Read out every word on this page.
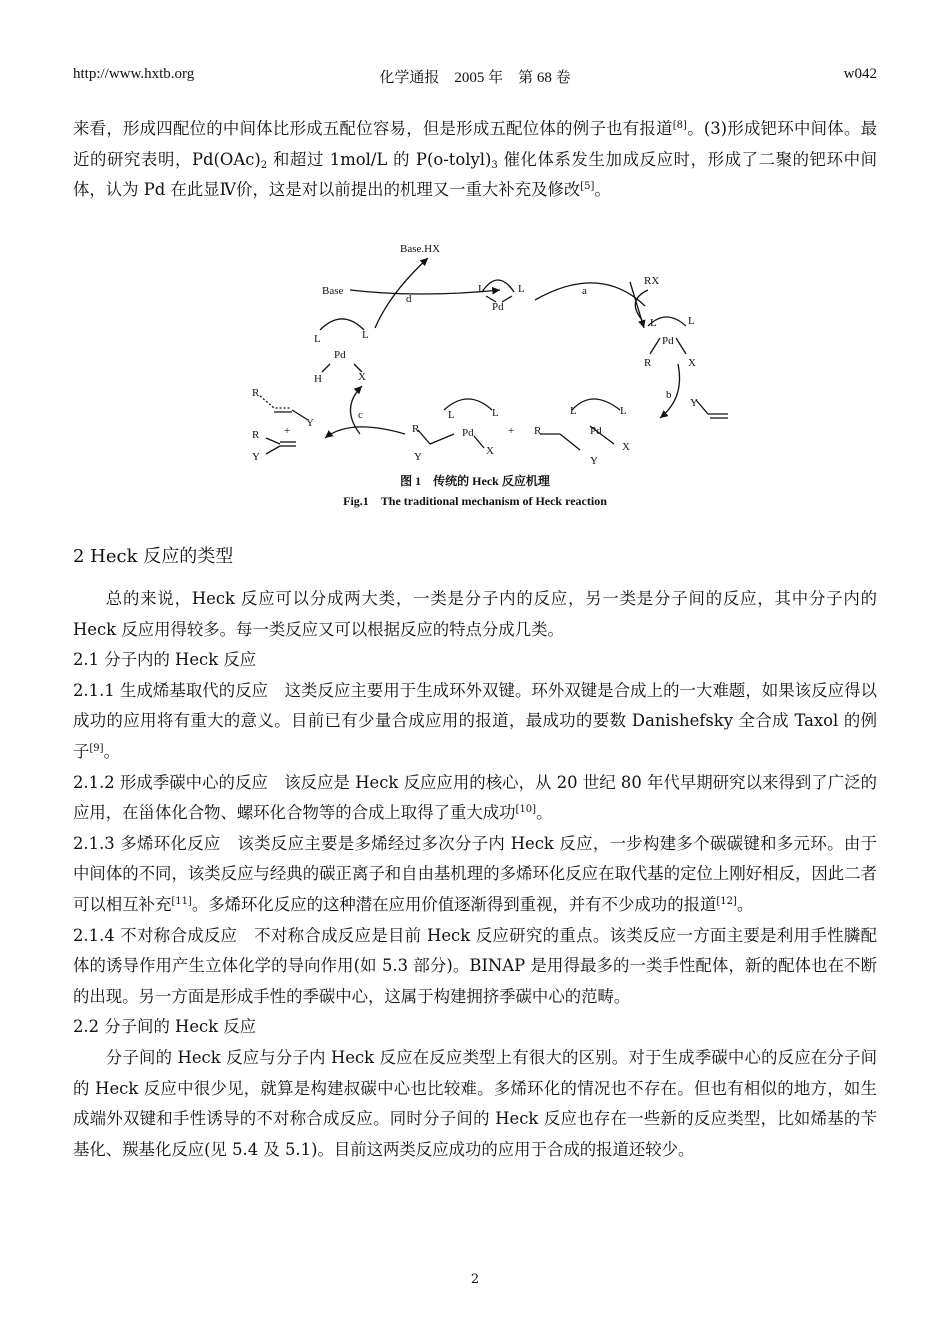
http://www.hxtb.org	化学通报　2005 年　第 68 卷	w042

来看，形成四配位的中间体比形成五配位容易，但是形成五配位体的例子也有报道[8]。(3)形成钯环中间体。最近的研究表明，$Pd(OAc)_2$ 和超过 1mol/L 的 $P(o-tolyl)_3$ 催化体系发生加成反应时，形成了二聚的钯环中间体，认为 Pd 在此显Ⅳ价，这是对以前提出的机理又一重大补充及修改[5]。

Base.HX
Base
d
a
RX
b
c
L	L
Pd
L	L
Pd
R	X
Y
L	L
Pd
R
X
Y
+
L	L
Pd
R
Y	X
L	L
Pd
H	X
R
Y
+
R
Y
图 1　传统的 Heck 反应机理
Fig.1　The traditional mechanism of Heck reaction

2 Heck 反应的类型

总的来说，Heck 反应可以分成两大类，一类是分子内的反应，另一类是分子间的反应，其中分子内的 Heck 反应用得较多。每一类反应又可以根据反应的特点分成几类。

2.1 分子内的 Heck 反应

2.1.1 生成烯基取代的反应　这类反应主要用于生成环外双键。环外双键是合成上的一大难题，如果该反应得以成功的应用将有重大的意义。目前已有少量合成应用的报道，最成功的要数 Danishefsky 全合成 Taxol 的例子[9]。

2.1.2 形成季碳中心的反应　该反应是 Heck 反应应用的核心，从 20 世纪 80 年代早期研究以来得到了广泛的应用，在甾体化合物、螺环化合物等的合成上取得了重大成功[10]。

2.1.3 多烯环化反应　该类反应主要是多烯经过多次分子内 Heck 反应，一步构建多个碳碳键和多元环。由于中间体的不同，该类反应与经典的碳正离子和自由基机理的多烯环化反应在取代基的定位上刚好相反，因此二者可以相互补充[11]。多烯环化反应的这种潜在应用价值逐渐得到重视，并有不少成功的报道[12]。

2.1.4 不对称合成反应　不对称合成反应是目前 Heck 反应研究的重点。该类反应一方面主要是利用手性膦配体的诱导作用产生立体化学的导向作用(如 5.3 部分)。BINAP 是用得最多的一类手性配体，新的配体也在不断的出现。另一方面是形成手性的季碳中心，这属于构建拥挤季碳中心的范畴。

2.2 分子间的 Heck 反应

分子间的 Heck 反应与分子内 Heck 反应在反应类型上有很大的区别。对于生成季碳中心的反应在分子间的 Heck 反应中很少见，就算是构建叔碳中心也比较难。多烯环化的情况也不存在。但也有相似的地方，如生成端外双键和手性诱导的不对称合成反应。同时分子间的 Heck 反应也存在一些新的反应类型，比如烯基的苄基化、羰基化反应(见 5.4 及 5.1)。目前这两类反应成功的应用于合成的报道还较少。

2
